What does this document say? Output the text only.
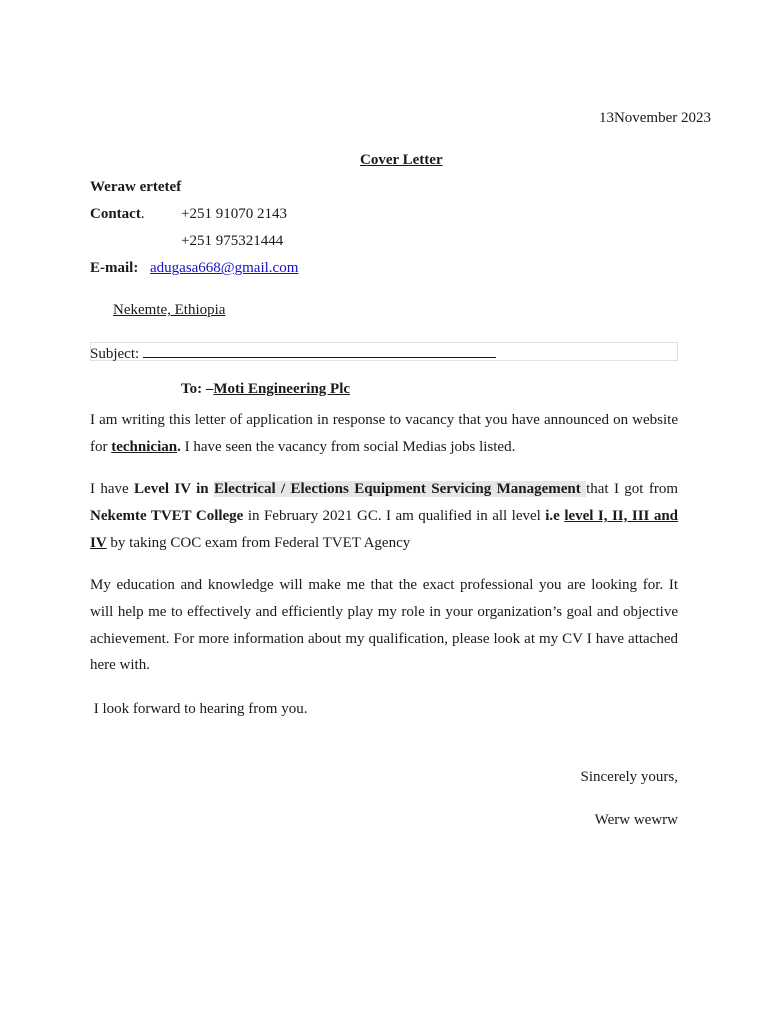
13November 2023
Cover Letter
Weraw ertetef
Contact. +251 91070 2143
+251 975321444
E-mail: adugasa668@gmail.com
Nekemte, Ethiopia
Subject:
To: –Moti Engineering Plc
I am writing this letter of application in response to vacancy that you have announced on website
for technician. I have seen the vacancy from social Medias jobs listed.
I have Level IV in Electrical / Elections Equipment Servicing Management that I got from
Nekemte TVET College in February 2021 GC. I am qualified in all level i.e level I, II, III and
IV by taking COC exam from Federal TVET Agency
My education and knowledge will make me that the exact professional you are looking for. It
will help me to effectively and efficiently play my role in your organization’s goal and objective
achievement. For more information about my qualification, please look at my CV I have attached
here with.
I look forward to hearing from you.
Sincerely yours,
Werw wewrw
